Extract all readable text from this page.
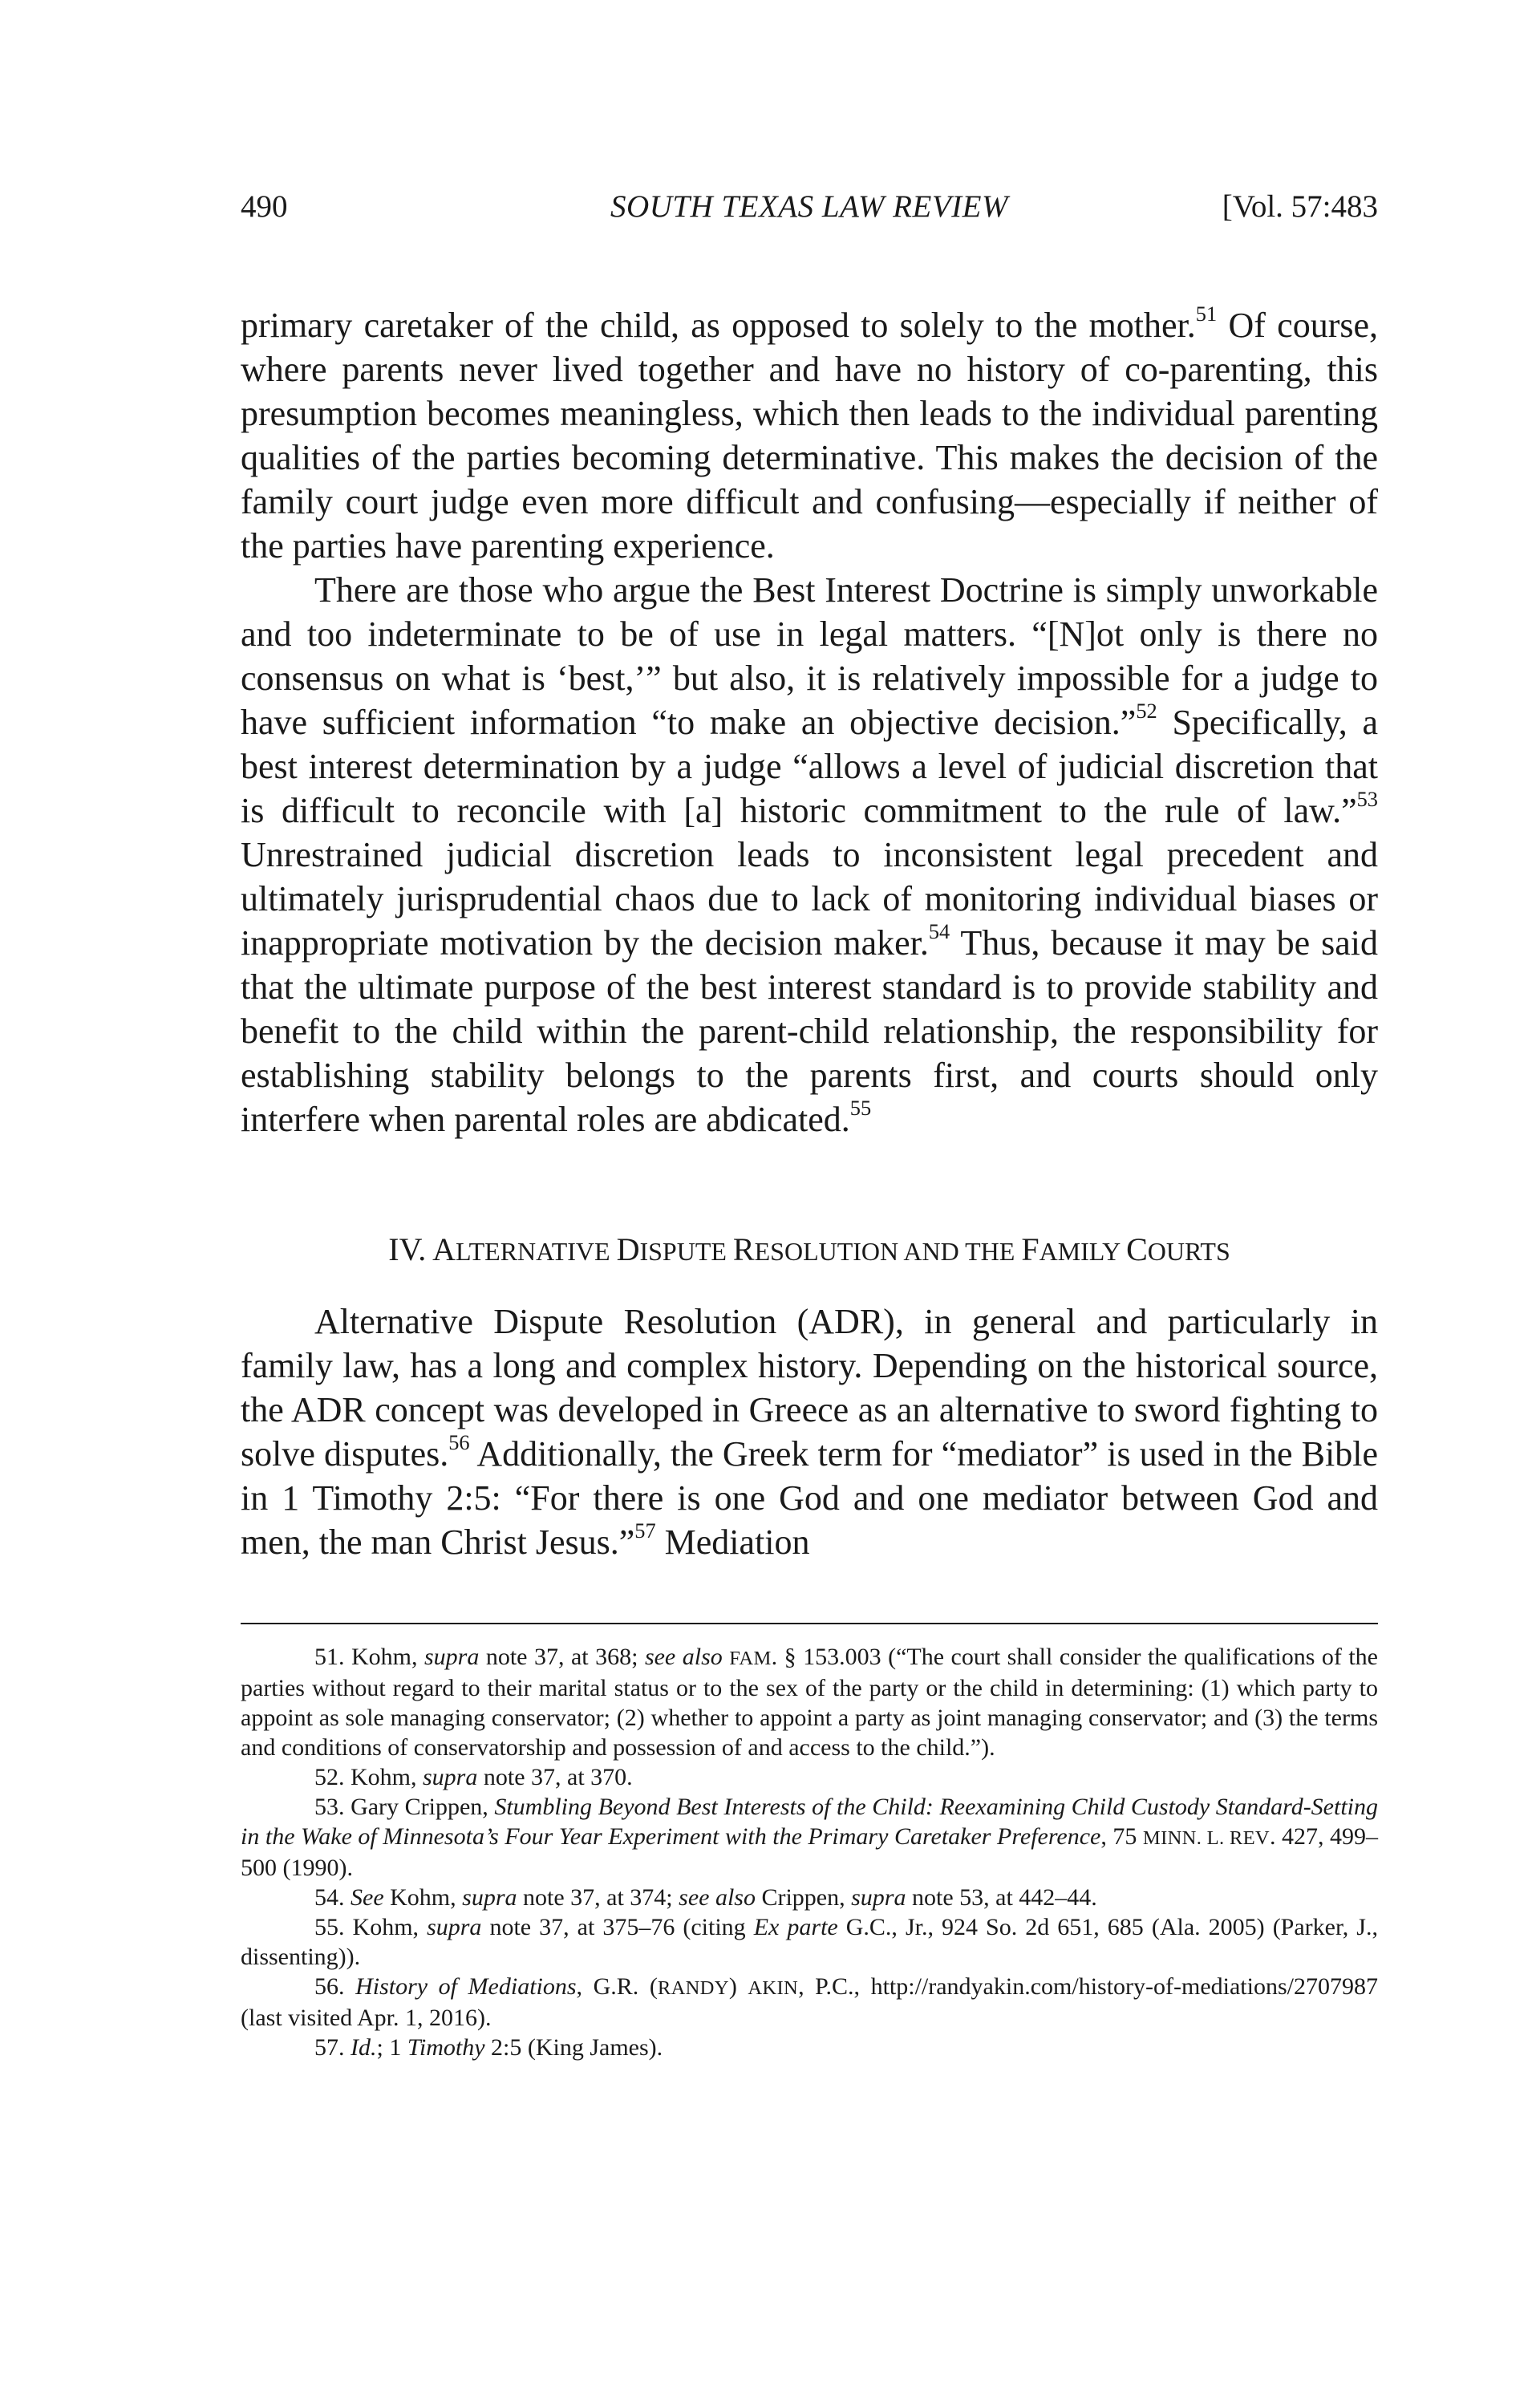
490	SOUTH TEXAS LAW REVIEW	[Vol. 57:483

primary caretaker of the child, as opposed to solely to the mother.$^{51}$ Of course, where parents never lived together and have no history of co-parenting, this presumption becomes meaningless, which then leads to the individual parenting qualities of the parties becoming determinative. This makes the decision of the family court judge even more difficult and confusing—especially if neither of the parties have parenting experience.

There are those who argue the Best Interest Doctrine is simply unworkable and too indeterminate to be of use in legal matters. “[N]ot only is there no consensus on what is ‘best,’” but also, it is relatively impossible for a judge to have sufficient information “to make an objective decision.”$^{52}$ Specifically, a best interest determination by a judge “allows a level of judicial discretion that is difficult to reconcile with [a] historic commitment to the rule of law.”$^{53}$ Unrestrained judicial discretion leads to inconsistent legal precedent and ultimately jurisprudential chaos due to lack of monitoring individual biases or inappropriate motivation by the decision maker.$^{54}$ Thus, because it may be said that the ultimate purpose of the best interest standard is to provide stability and benefit to the child within the parent-child relationship, the responsibility for establishing stability belongs to the parents first, and courts should only interfere when parental roles are abdicated.$^{55}$

IV. ALTERNATIVE DISPUTE RESOLUTION AND THE FAMILY COURTS

Alternative Dispute Resolution (ADR), in general and particularly in family law, has a long and complex history. Depending on the historical source, the ADR concept was developed in Greece as an alternative to sword fighting to solve disputes.$^{56}$ Additionally, the Greek term for “mediator” is used in the Bible in 1 Timothy 2:5: “For there is one God and one mediator between God and men, the man Christ Jesus.”$^{57}$ Mediation

51. Kohm, supra note 37, at 368; see also FAM. § 153.003 (“The court shall consider the qualifications of the parties without regard to their marital status or to the sex of the party or the child in determining: (1) which party to appoint as sole managing conservator; (2) whether to appoint a party as joint managing conservator; and (3) the terms and conditions of conservatorship and possession of and access to the child.”).

52. Kohm, supra note 37, at 370.

53. Gary Crippen, Stumbling Beyond Best Interests of the Child: Reexamining Child Custody Standard-Setting in the Wake of Minnesota’s Four Year Experiment with the Primary Caretaker Preference, 75 MINN. L. REV. 427, 499–500 (1990).

54. See Kohm, supra note 37, at 374; see also Crippen, supra note 53, at 442–44.

55. Kohm, supra note 37, at 375–76 (citing Ex parte G.C., Jr., 924 So. 2d 651, 685 (Ala. 2005) (Parker, J., dissenting)).

56. History of Mediations, G.R. (RANDY) AKIN, P.C., http://randyakin.com/history-of-mediations/2707987 (last visited Apr. 1, 2016).

57. Id.; 1 Timothy 2:5 (King James).
